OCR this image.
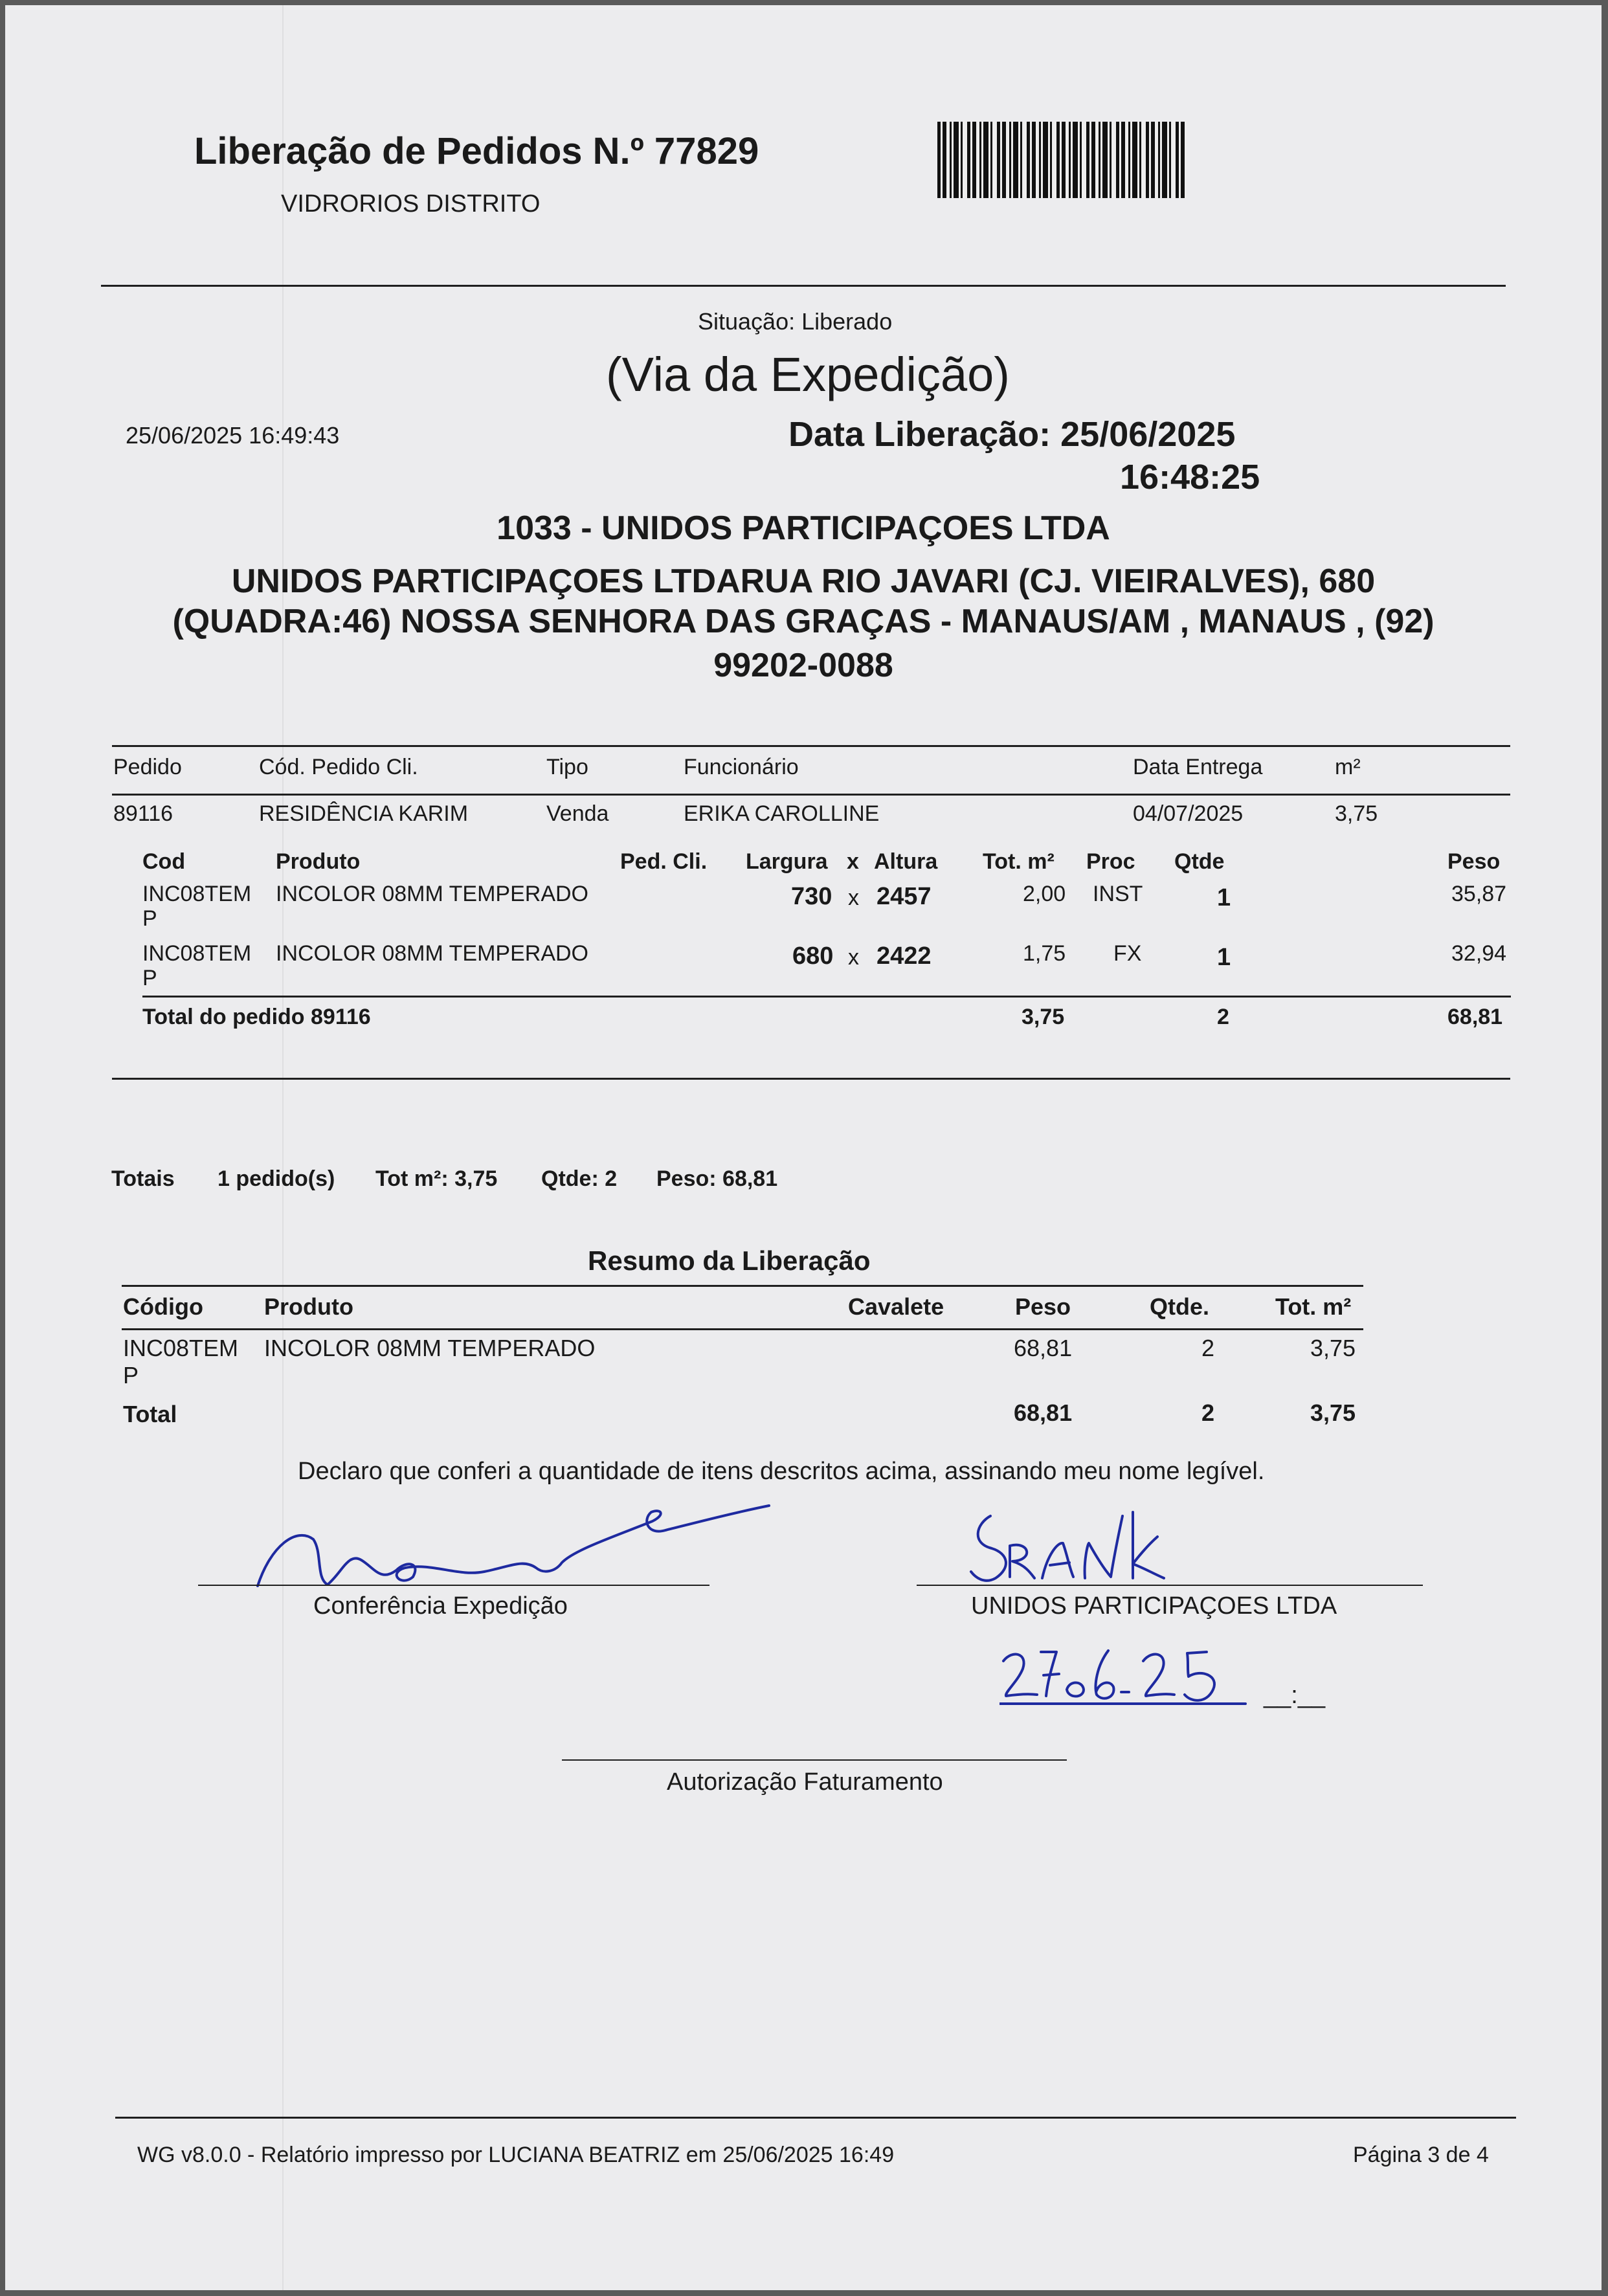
Liberação de Pedidos N.º 77829
VIDRORIOS DISTRITO
Situação: Liberado
(Via da Expedição)
25/06/2025 16:49:43	Data Liberação: 25/06/2025
16:48:25
1033 - UNIDOS PARTICIPAÇOES LTDA
UNIDOS PARTICIPAÇOES LTDARUA RIO JAVARI (CJ. VIEIRALVES), 680
(QUADRA:46) NOSSA SENHORA DAS GRAÇAS - MANAUS/AM , MANAUS , (92)
99202-0088
Pedido	Cód. Pedido Cli.	Tipo	Funcionário	Data Entrega	m²
89116	RESIDÊNCIA KARIM	Venda	ERIKA CAROLLINE	04/07/2025	3,75
Cod	Produto	Ped. Cli. Largura x Altura Tot. m² Proc Qtde	Peso
INC08TEM
P
INCOLOR 08MM TEMPERADO	730 x 2457	2,00 INST	1	35,87
INC08TEM
P
INCOLOR 08MM TEMPERADO	680 x 2422	1,75 FX	1	32,94
Total do pedido 89116	3,75	2	68,81
Totais 1 pedido(s) Tot m²: 3,75 Qtde: 2 Peso: 68,81
Resumo da Liberação
Código	Produto	Cavalete	Peso	Qtde.	Tot. m²
INC08TEM
P
INCOLOR 08MM TEMPERADO	68,81	2	3,75
Total	68,81	2	3,75
Declaro que conferi a quantidade de itens descritos acima, assinando meu nome legível.
Conferência Expedição	UNIDOS PARTICIPAÇOES LTDA
__:__
Autorização Faturamento
WG v8.0.0 - Relatório impresso por LUCIANA BEATRIZ em 25/06/2025 16:49	Página 3 de 4
